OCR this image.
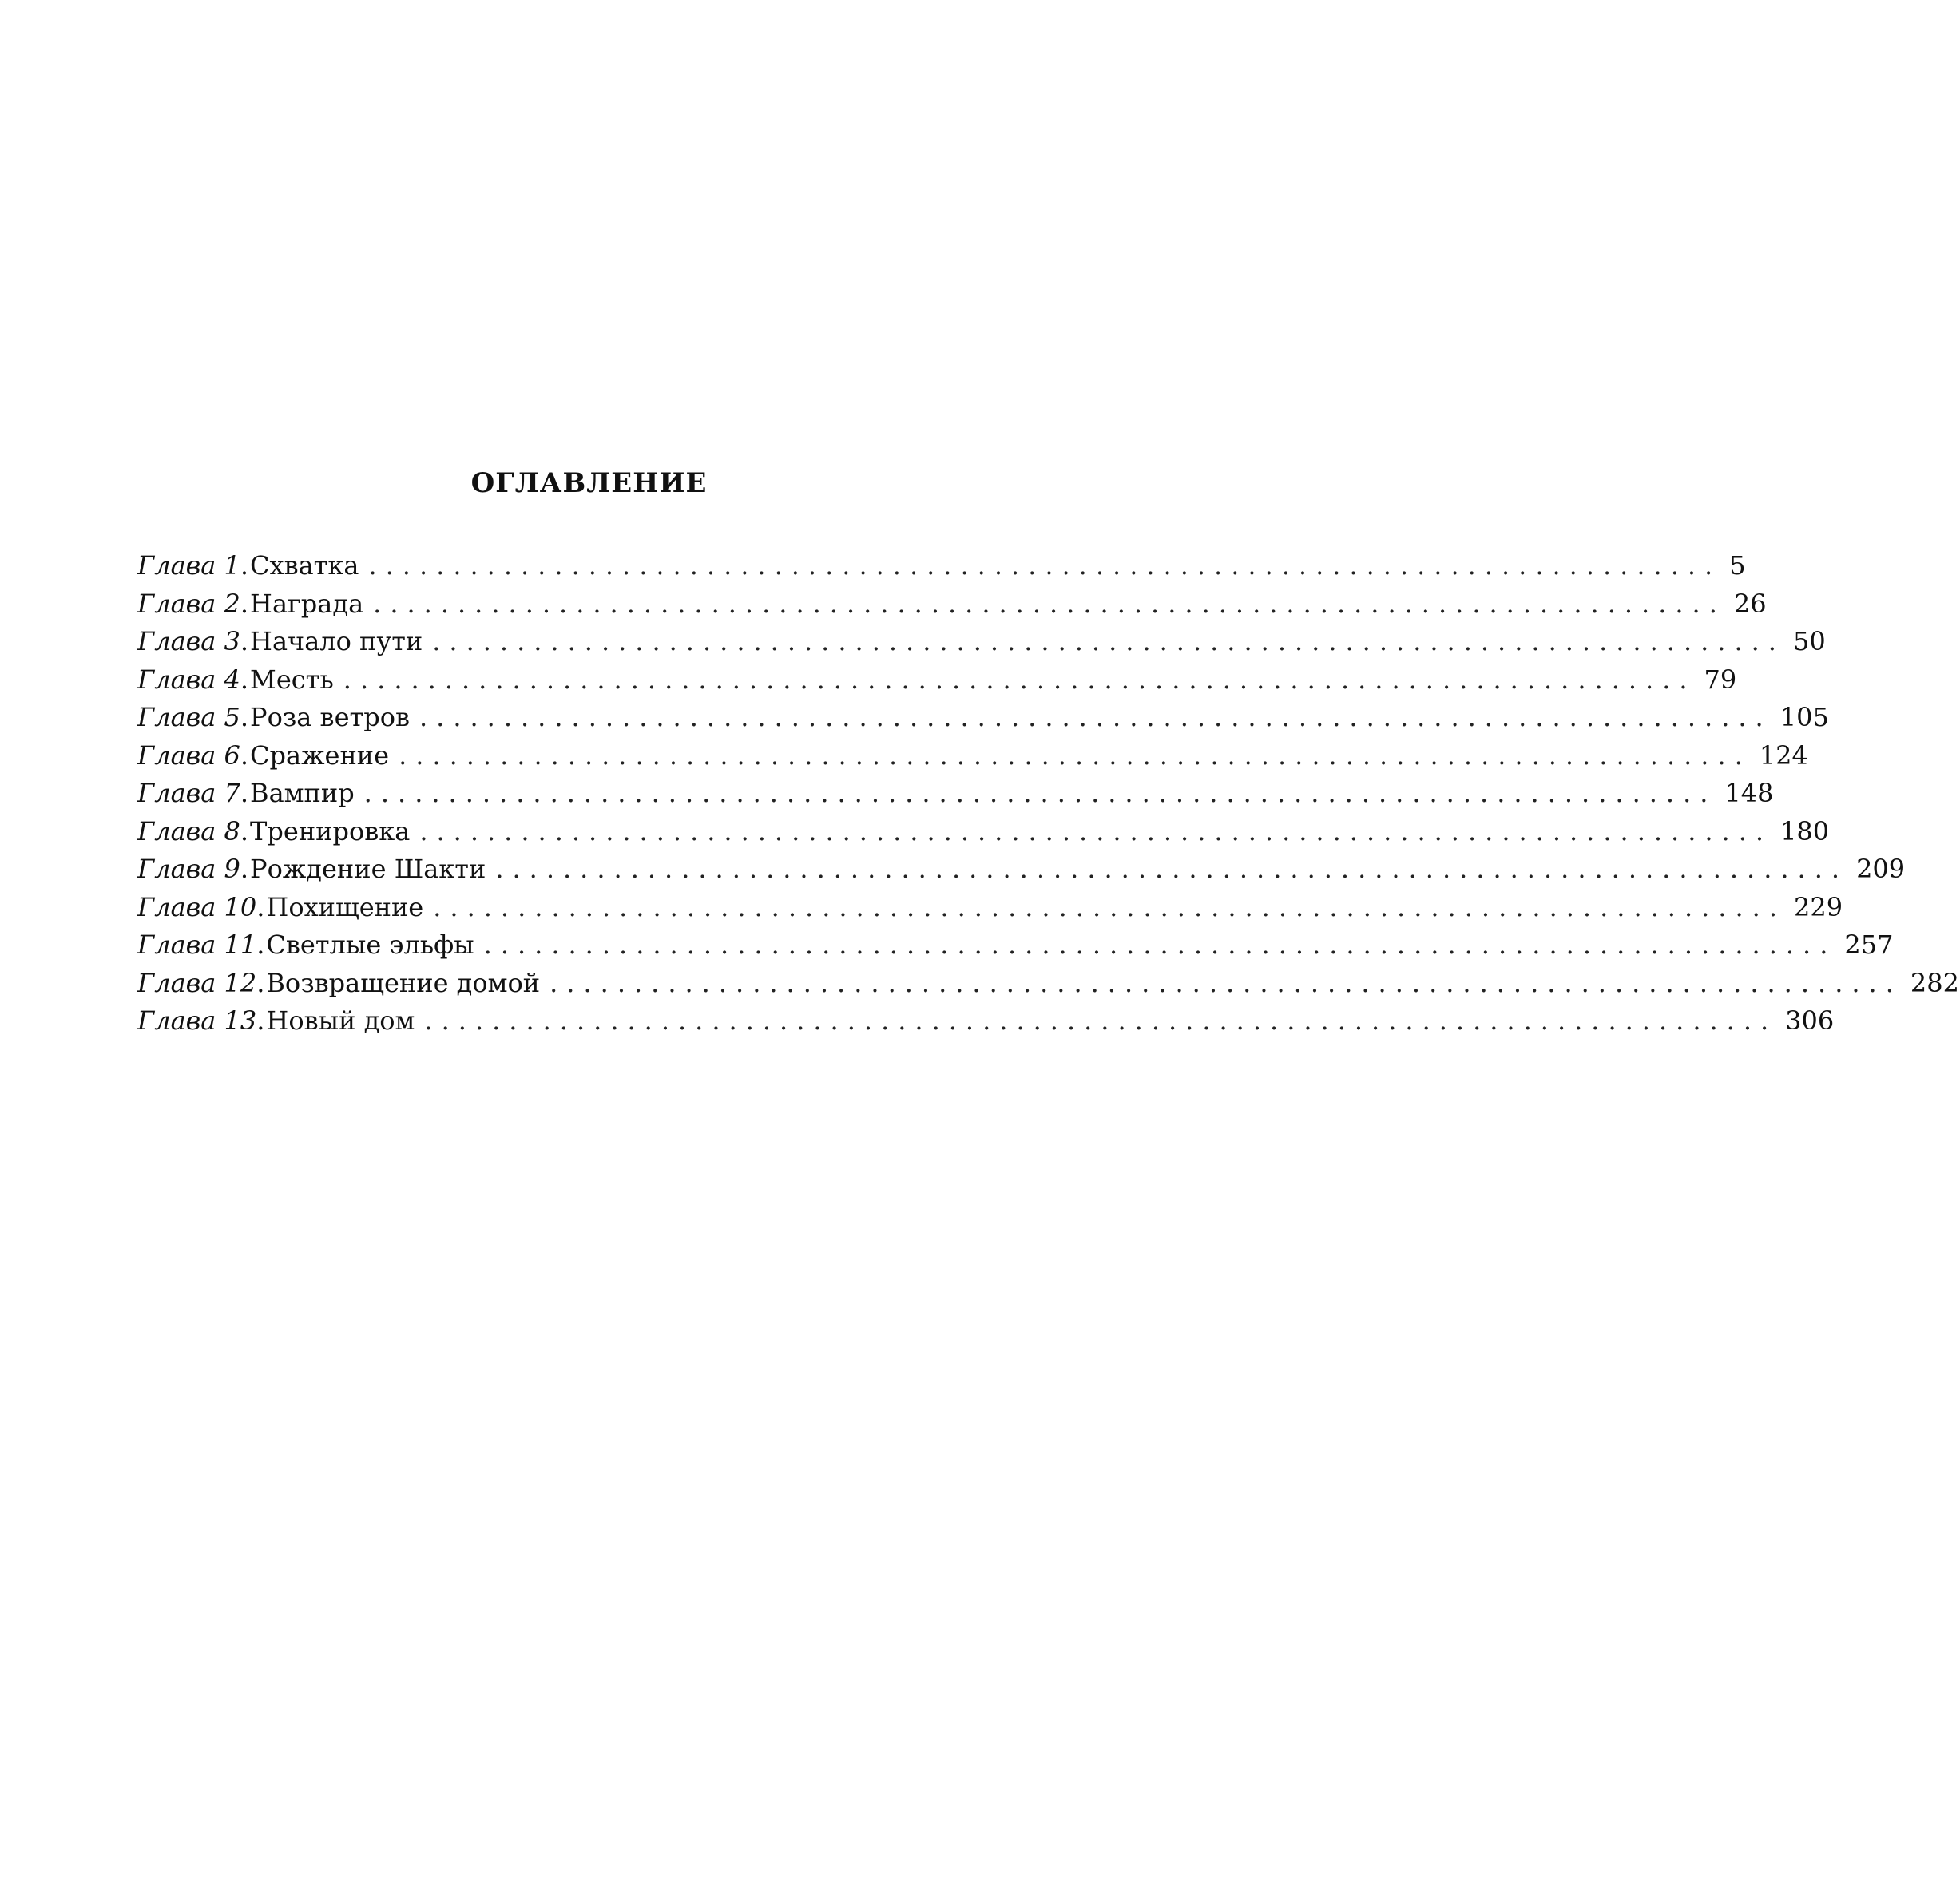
ОГЛАВЛЕНИЕ
Глава 1 . Схватка ................................................................................ 5
Глава 2 . Награда ................................................................................ 26
Глава 3 . Начало пути ................................................................................ 50
Глава 4 . Месть ................................................................................ 79
Глава 5 . Роза ветров ................................................................................ 105
Глава 6 . Сражение ................................................................................ 124
Глава 7 . Вампир ................................................................................ 148
Глава 8 . Тренировка ................................................................................ 180
Глава 9 . Рождение Шакти ................................................................................ 209
Глава 10 . Похищение ................................................................................ 229
Глава 11 . Светлые эльфы ................................................................................ 257
Глава 12 . Возвращение домой ................................................................................ 282
Глава 13 . Новый дом ................................................................................ 306
